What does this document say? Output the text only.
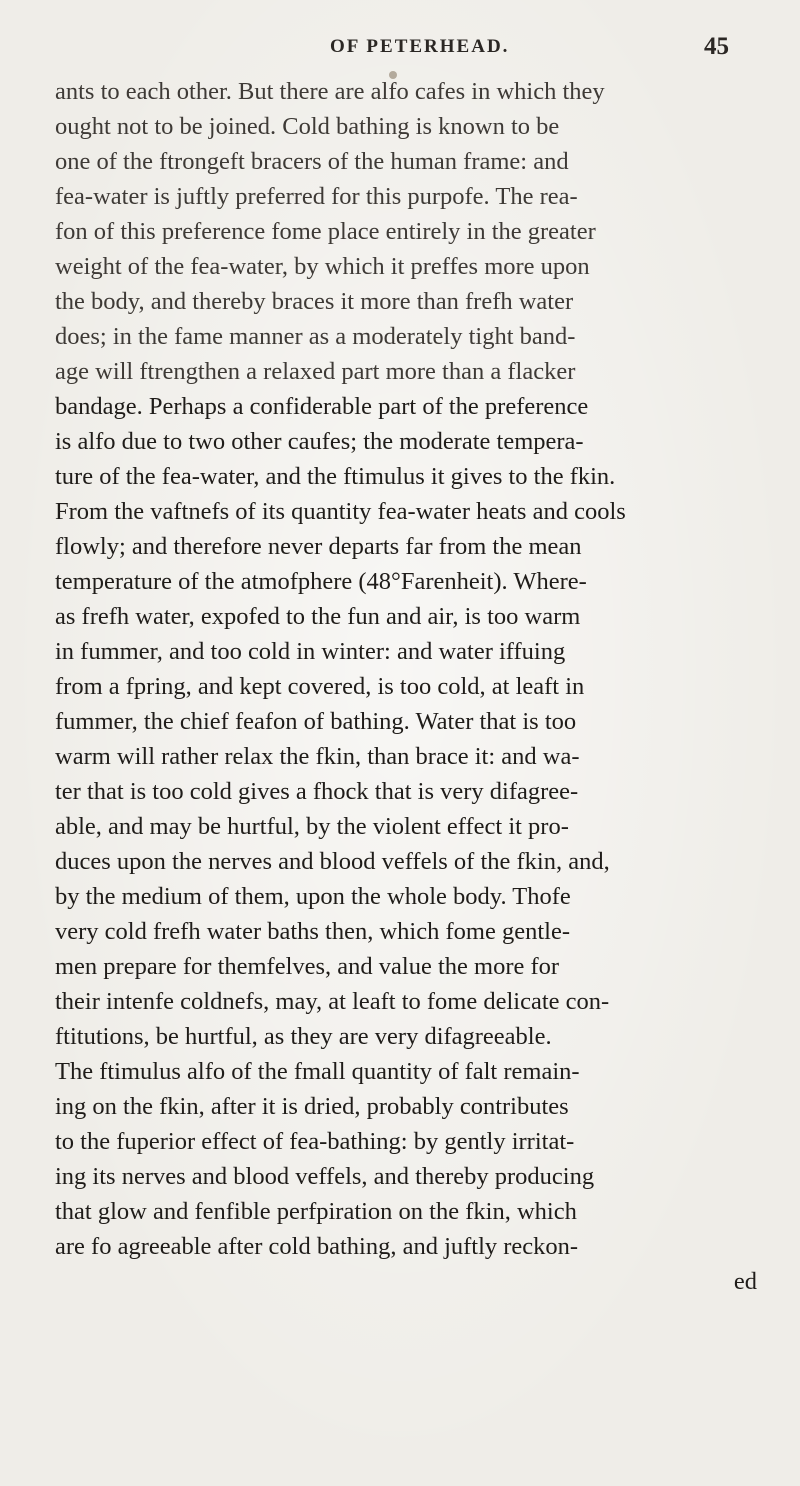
OF PETERHEAD.	45
ants to each other. But there are alfo cafes in which they
ought not to be joined. Cold bathing is known to be
one of the ftrongeft bracers of the human frame: and
fea-water is juftly preferred for this purpofe. The rea-
fon of this preference fome place entirely in the greater
weight of the fea-water, by which it preffes more upon
the body, and thereby braces it more than frefh water
does; in the fame manner as a moderately tight band-
age will ftrengthen a relaxed part more than a flacker
bandage. Perhaps a confiderable part of the preference
is alfo due to two other caufes; the moderate tempera-
ture of the fea-water, and the ftimulus it gives to the fkin.
From the vaftnefs of its quantity fea-water heats and cools
flowly; and therefore never departs far from the mean
temperature of the atmofphere (48°Farenheit). Where-
as frefh water, expofed to the fun and air, is too warm
in fummer, and too cold in winter: and water iffuing
from a fpring, and kept covered, is too cold, at leaft in
fummer, the chief feafon of bathing. Water that is too
warm will rather relax the fkin, than brace it: and wa-
ter that is too cold gives a fhock that is very difagree-
able, and may be hurtful, by the violent effect it pro-
duces upon the nerves and blood veffels of the fkin, and,
by the medium of them, upon the whole body. Thofe
very cold frefh water baths then, which fome gentle-
men prepare for themfelves, and value the more for
their intenfe coldnefs, may, at leaft to fome delicate con-
ftitutions, be hurtful, as they are very difagreeable.
The ftimulus alfo of the fmall quantity of falt remain-
ing on the fkin, after it is dried, probably contributes
to the fuperior effect of fea-bathing: by gently irritat-
ing its nerves and blood veffels, and thereby producing
that glow and fenfible perfpiration on the fkin, which
are fo agreeable after cold bathing, and juftly reckon-
ed
